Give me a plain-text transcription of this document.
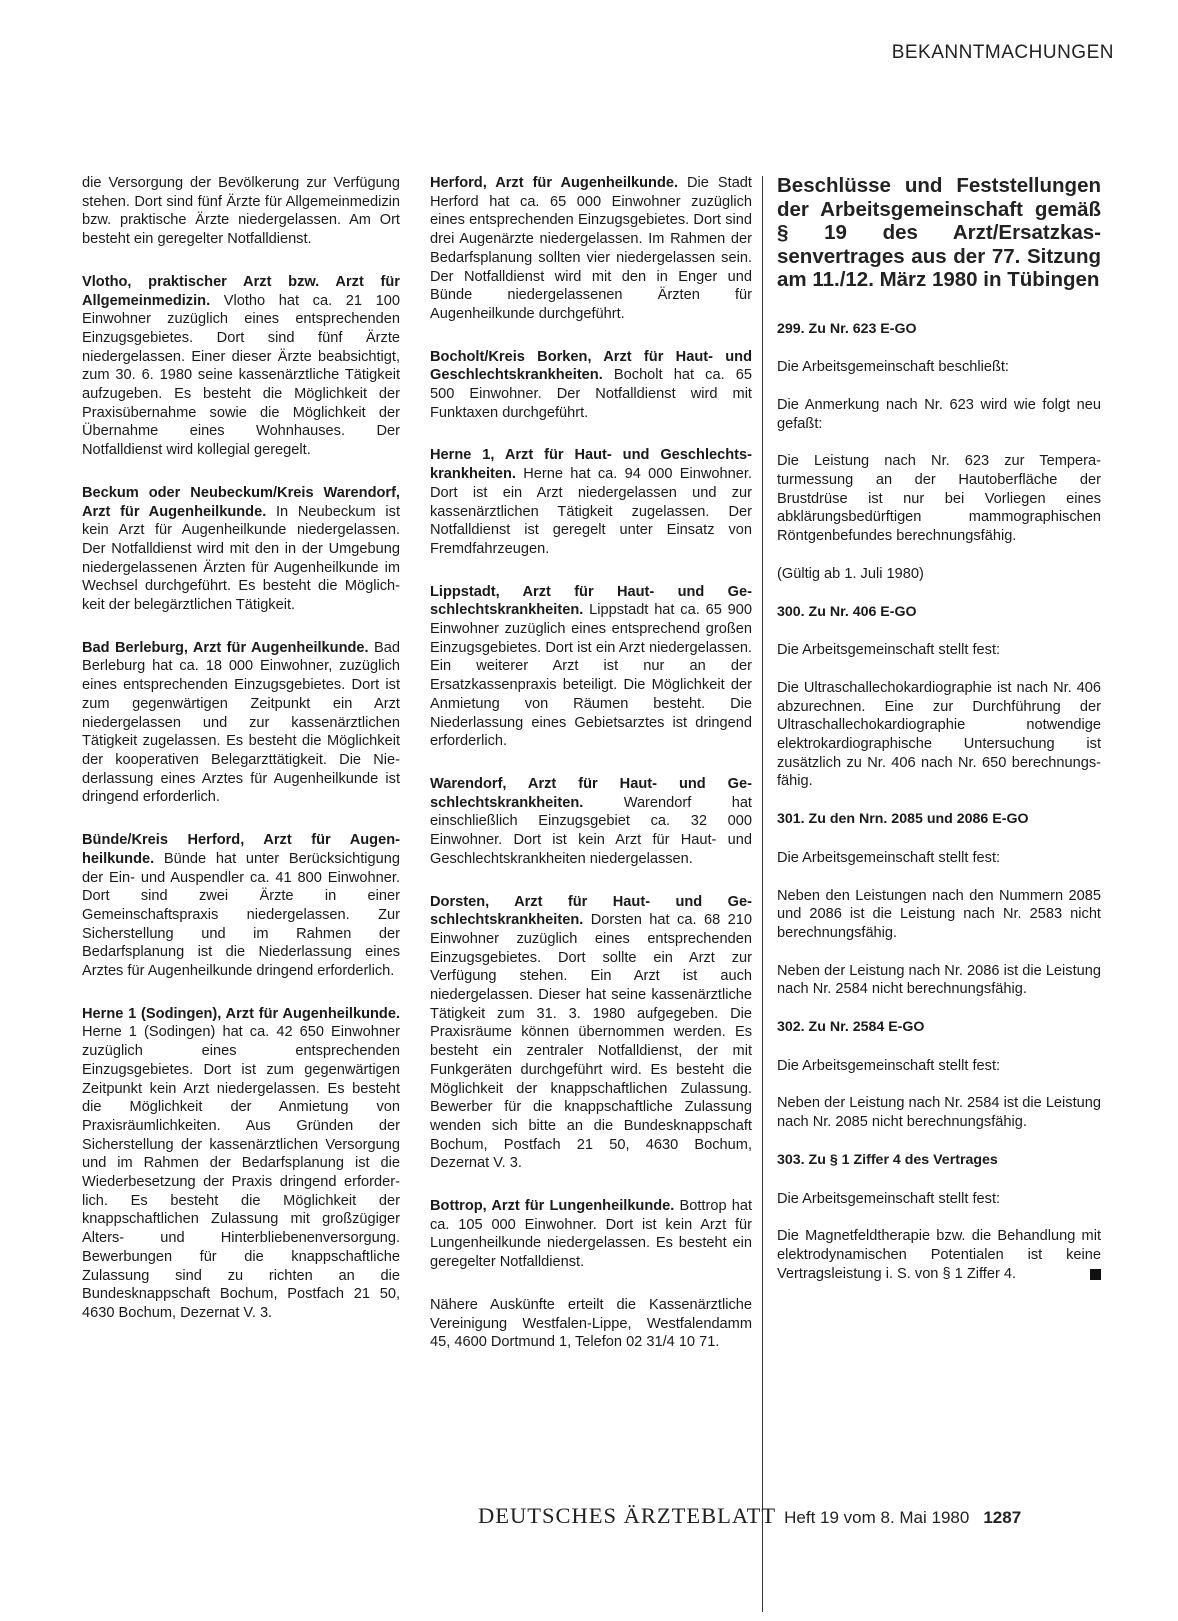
BEKANNTMACHUNGEN

die Versorgung der Bevölkerung zur Verfügung stehen. Dort sind fünf Ärzte für Allgemeinmedizin bzw. praktische Ärzte niedergelassen. Am Ort besteht ein geregelter Notfalldienst.

Vlotho, praktischer Arzt bzw. Arzt für Allgemeinmedizin. Vlotho hat ca. 21 100 Einwohner zuzüglich eines entsprechenden Einzugsgebietes. Dort sind fünf Ärzte niedergelassen. Einer dieser Ärzte beabsichtigt, zum 30. 6. 1980 seine kassenärztliche Tätigkeit aufzugeben. Es besteht die Möglichkeit der Praxisübernahme sowie die Möglichkeit der Übernahme eines Wohnhauses. Der Notfalldienst wird kollegial geregelt.

Beckum oder Neubeckum/Kreis Warendorf, Arzt für Augenheilkunde. In Neubeckum ist kein Arzt für Augenheilkunde niedergelassen. Der Notfalldienst wird mit den in der Umgebung niedergelassenen Ärzten für Augenheilkunde im Wechsel durchgeführt. Es besteht die Möglichkeit der belegärztlichen Tätigkeit.

Bad Berleburg, Arzt für Augenheilkunde. Bad Berleburg hat ca. 18 000 Einwohner, zuzüglich eines entsprechenden Einzugsgebietes. Dort ist zum gegenwärtigen Zeitpunkt ein Arzt niedergelassen und zur kassenärztlichen Tätigkeit zugelassen. Es besteht die Möglichkeit der kooperativen Belegarzttätigkeit. Die Niederlassung eines Arztes für Augenheilkunde ist dringend erforderlich.

Bünde/Kreis Herford, Arzt für Augenheilkunde. Bünde hat unter Berücksichtigung der Ein- und Auspendler ca. 41 800 Einwohner. Dort sind zwei Ärzte in einer Gemeinschaftspraxis niedergelassen. Zur Sicherstellung und im Rahmen der Bedarfsplanung ist die Niederlassung eines Arztes für Augenheilkunde dringend erforderlich.

Herne 1 (Sodingen), Arzt für Augenheilkunde. Herne 1 (Sodingen) hat ca. 42 650 Einwohner zuzüglich eines entsprechenden Einzugsgebietes. Dort ist zum gegenwärtigen Zeitpunkt kein Arzt niedergelassen. Es besteht die Möglichkeit der Anmietung von Praxisräumlichkeiten. Aus Gründen der Sicherstellung der kassenärztlichen Versorgung und im Rahmen der Bedarfsplanung ist die Wiederbesetzung der Praxis dringend erforderlich. Es besteht die Möglichkeit der knappschaftlichen Zulassung mit großzügiger Alters- und Hinterbliebenenversorgung. Bewerbungen für die knappschaftliche Zulassung sind zu richten an die Bundesknappschaft Bochum, Postfach 21 50, 4630 Bochum, Dezernat V. 3.

Herford, Arzt für Augenheilkunde. Die Stadt Herford hat ca. 65 000 Einwohner zuzüglich eines entsprechenden Einzugsgebietes. Dort sind drei Augenärzte niedergelassen. Im Rahmen der Bedarfsplanung sollten vier niedergelassen sein. Der Notfalldienst wird mit den in Enger und Bünde niedergelassenen Ärzten für Augenheilkunde durchgeführt.

Bocholt/Kreis Borken, Arzt für Haut- und Geschlechtskrankheiten. Bocholt hat ca. 65 500 Einwohner. Der Notfalldienst wird mit Funktaxen durchgeführt.

Herne 1, Arzt für Haut- und Geschlechtskrankheiten. Herne hat ca. 94 000 Einwohner. Dort ist ein Arzt niedergelassen und zur kassenärztlichen Tätigkeit zugelassen. Der Notfalldienst ist geregelt unter Einsatz von Fremdfahrzeugen.

Lippstadt, Arzt für Haut- und Geschlechtskrankheiten. Lippstadt hat ca. 65 900 Einwohner zuzüglich eines entsprechend großen Einzugsgebietes. Dort ist ein Arzt niedergelassen. Ein weiterer Arzt ist nur an der Ersatzkassenpraxis beteiligt. Die Möglichkeit der Anmietung von Räumen besteht. Die Niederlassung eines Gebietsarztes ist dringend erforderlich.

Warendorf, Arzt für Haut- und Geschlechtskrankheiten. Warendorf hat einschließlich Einzugsgebiet ca. 32 000 Einwohner. Dort ist kein Arzt für Haut- und Geschlechtskrankheiten niedergelassen.

Dorsten, Arzt für Haut- und Geschlechtskrankheiten. Dorsten hat ca. 68 210 Einwohner zuzüglich eines entsprechenden Einzugsgebietes. Dort sollte ein Arzt zur Verfügung stehen. Ein Arzt ist auch niedergelassen. Dieser hat seine kassenärztliche Tätigkeit zum 31. 3. 1980 aufgegeben. Die Praxisräume können übernommen werden. Es besteht ein zentraler Notfalldienst, der mit Funkgeräten durchgeführt wird. Es besteht die Möglichkeit der knappschaftlichen Zulassung. Bewerber für die knappschaftliche Zulassung wenden sich bitte an die Bundesknappschaft Bochum, Postfach 21 50, 4630 Bochum, Dezernat V. 3.

Bottrop, Arzt für Lungenheilkunde. Bottrop hat ca. 105 000 Einwohner. Dort ist kein Arzt für Lungenheilkunde niedergelassen. Es besteht ein geregelter Notfalldienst.

Nähere Auskünfte erteilt die Kassenärztliche Vereinigung Westfalen-Lippe, Westfalendamm 45, 4600 Dortmund 1, Telefon 02 31/4 10 71.

Beschlüsse und Feststellungen der Arbeitsgemeinschaft gemäß § 19 des Arzt/Ersatzkassenvertrages aus der 77. Sitzung am 11./12. März 1980 in Tübingen
299. Zu Nr. 623 E-GO

Die Arbeitsgemeinschaft beschließt:

Die Anmerkung nach Nr. 623 wird wie folgt neu gefaßt:

Die Leistung nach Nr. 623 zur Temperaturmessung an der Hautoberfläche der Brustdrüse ist nur bei Vorliegen eines abklärungsbedürftigen mammographischen Röntgenbefundes berechnungsfähig.

(Gültig ab 1. Juli 1980)

300. Zu Nr. 406 E-GO

Die Arbeitsgemeinschaft stellt fest:

Die Ultraschallechokardiographie ist nach Nr. 406 abzurechnen. Eine zur Durchführung der Ultraschallechokardiographie notwendige elektrokardiographische Untersuchung ist zusätzlich zu Nr. 406 nach Nr. 650 berechnungsfähig.

301. Zu den Nrn. 2085 und 2086 E-GO

Die Arbeitsgemeinschaft stellt fest:

Neben den Leistungen nach den Nummern 2085 und 2086 ist die Leistung nach Nr. 2583 nicht berechnungsfähig.

Neben der Leistung nach Nr. 2086 ist die Leistung nach Nr. 2584 nicht berechnungsfähig.

302. Zu Nr. 2584 E-GO

Die Arbeitsgemeinschaft stellt fest:

Neben der Leistung nach Nr. 2584 ist die Leistung nach Nr. 2085 nicht berechnungsfähig.

303. Zu § 1 Ziffer 4 des Vertrages

Die Arbeitsgemeinschaft stellt fest:

Die Magnetfeldtherapie bzw. die Behandlung mit elektrodynamischen Potentialen ist keine Vertragsleistung i. S. von § 1 Ziffer 4.

DEUTSCHES ÄRZTEBLATT Heft 19 vom 8. Mai 1980 1287
